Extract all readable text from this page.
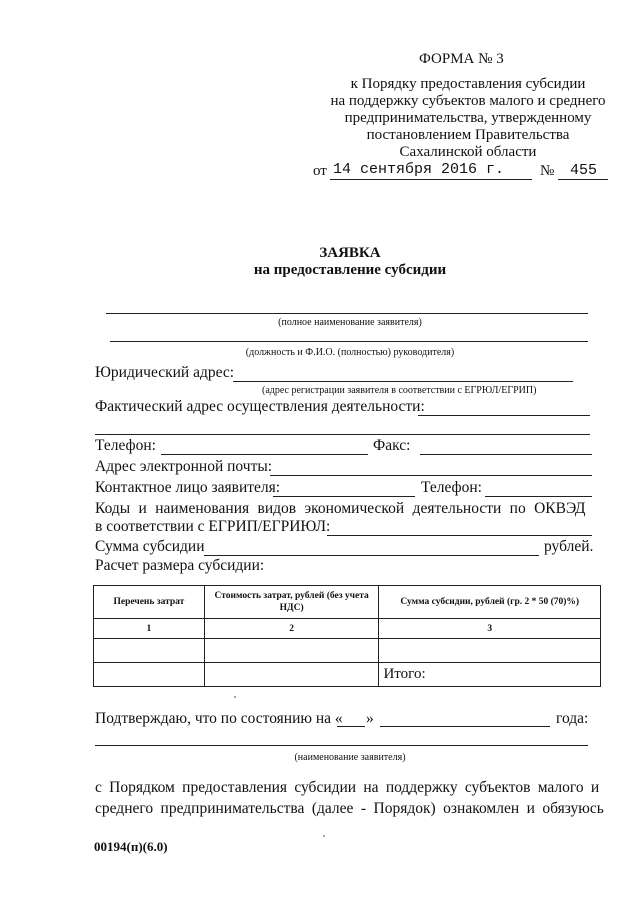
ФОРМА № 3
к Порядку предоставления субсидии
на поддержку субъектов малого и среднего
предпринимательства, утвержденному
постановлением Правительства
Сахалинской области
от 14 сентября 2016 г. № 455
ЗАЯВКА
на предоставление субсидии
(полное наименование заявителя)
(должность и Ф.И.О. (полностью) руководителя)
Юридический адрес:
(адрес регистрации заявителя в соответствии с ЕГРЮЛ/ЕГРИП)
Фактический адрес осуществления деятельности:
Телефон:	Факс:
Адрес электронной почты:
Контактное лицо заявителя:	Телефон:
Коды и наименования видов экономической деятельности по ОКВЭД
в соответствии с ЕГРИП/ЕГРИЮЛ:
Сумма субсидии	рублей.
Расчет размера субсидии:
Перечень затрат	Стоимость затрат, рублей (без учета НДС)	Сумма субсидии, рублей (гр. 2 * 50 (70)%)
1	2	3

		Итого:
Подтверждаю, что по состоянию на « »	года:
(наименование заявителя)
с Порядком предоставления субсидии на поддержку субъектов малого и
среднего предпринимательства (далее - Порядок) ознакомлен и обязуюсь
00194(п)(6.0)
